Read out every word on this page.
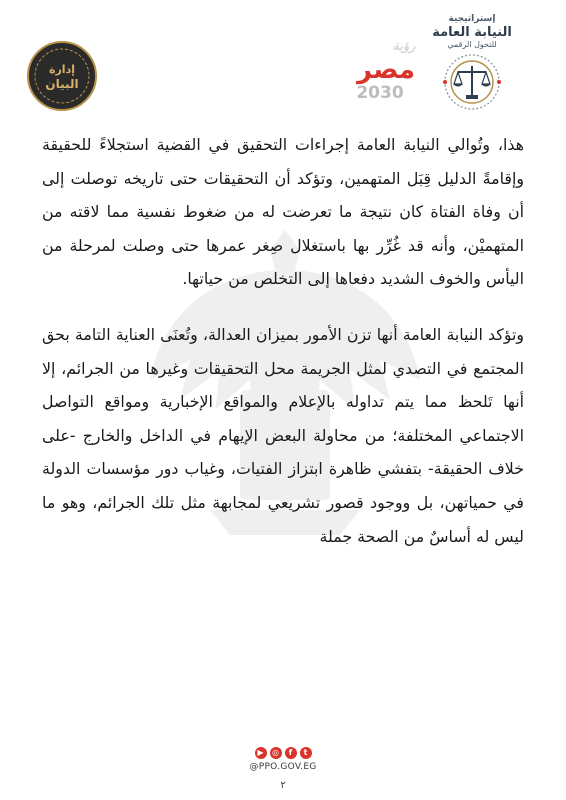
إستراتيجية
النيابة العامة
للتحول الرقمي
رؤية
مصر
2030
إدارة
البيان

هذا، وتُوالي النيابة العامة إجراءات التحقيق في القضية استجلاءً للحقيقة وإقامةً الدليل قِبَل المتهمين، وتؤكد أن التحقيقات حتى تاريخه توصلت إلى أن وفاة الفتاة كان نتيجة ما تعرضت له من ضغوط نفسية مما لاقته من المتهميْن، وأنه قد غُرِّر بها باستغلال صِغر عمرها حتى وصلت لمرحلة من اليأس والخوف الشديد دفعاها إلى التخلص من حياتها.

وتؤكد النيابة العامة أنها تزن الأمور بميزان العدالة، وتُعنَى العناية التامة بحق المجتمع في التصدي لمثل الجريمة محل التحقيقات وغيرها من الجرائم، إلا أنها تَلحظ مما يتم تداوله بالإعلام والمواقع الإخبارية ومواقع التواصل الاجتماعي المختلفة؛ من محاولة البعض الإيهام في الداخل والخارج -على خلاف الحقيقة- بتفشي ظاهرة ابتزاز الفتيات، وغياب دور مؤسسات الدولة في حمياتهن، بل ووجود قصور تشريعي لمجابهة مثل تلك الجرائم، وهو ما ليس له أساسٌ من الصحة جملة

▶ ◎ f t
@PPO.GOV.EG
٢
